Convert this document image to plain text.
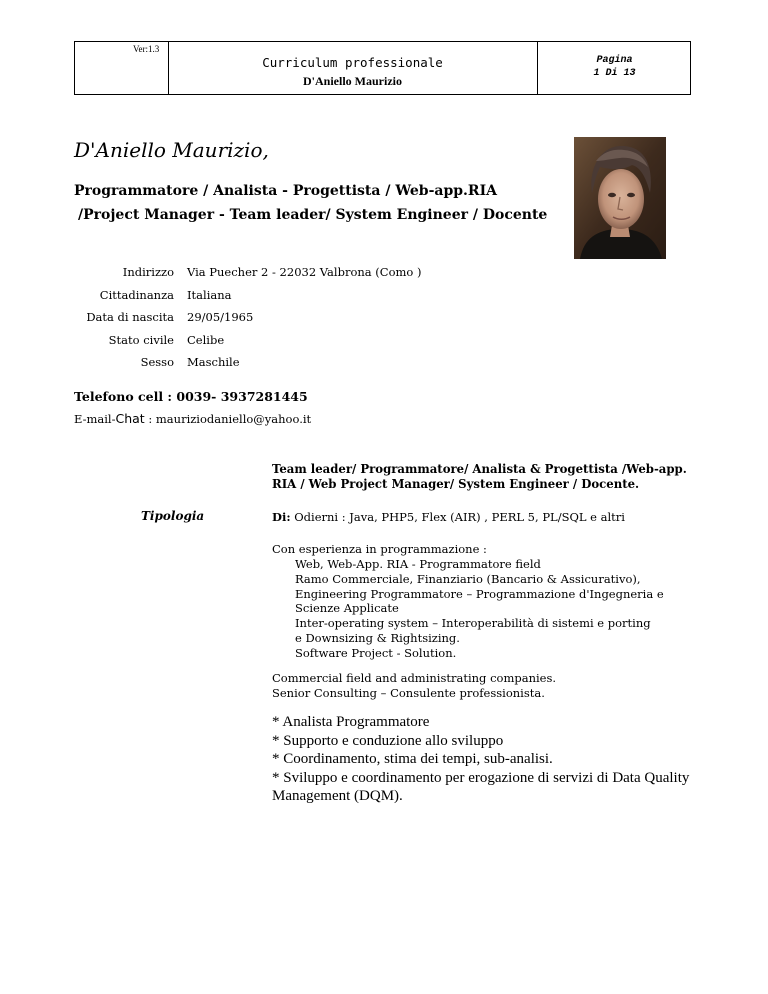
Ver:1.3
Curriculum professionale
D'Aniello Maurizio
Pagina
1 Di 13
D'Aniello Maurizio,
Programmatore / Analista - Progettista / Web-app.RIA
/Project Manager - Team leader/ System Engineer / Docente
Indirizzo Via Puecher 2 - 22032 Valbrona (Como )
Cittadinanza Italiana
Data di nascita 29/05/1965
Stato civile Celibe
Sesso Maschile
Telefono cell : 0039- 3937281445
E-mail-Chat : mauriziodaniello@yahoo.it
Team leader/ Programmatore/ Analista & Progettista /Web-app. RIA / Web Project Manager/ System Engineer / Docente.
Tipologia	Di: Odierni : Java, PHP5, Flex (AIR) , PERL 5, PL/SQL e altri
Con esperienza in programmazione :
Web, Web-App. RIA - Programmatore field
Ramo Commerciale, Finanziario (Bancario & Assicurativo),
Engineering Programmatore – Programmazione d'Ingegneria e
Scienze Applicate
Inter-operating system – Interoperabilità di sistemi e porting
e Downsizing & Rightsizing.
Software Project - Solution.
Commercial field and administrating companies.
Senior Consulting – Consulente professionista.
* Analista Programmatore
* Supporto e conduzione allo sviluppo
* Coordinamento, stima dei tempi, sub-analisi.
* Sviluppo e coordinamento per erogazione di servizi di Data Quality Management (DQM).
